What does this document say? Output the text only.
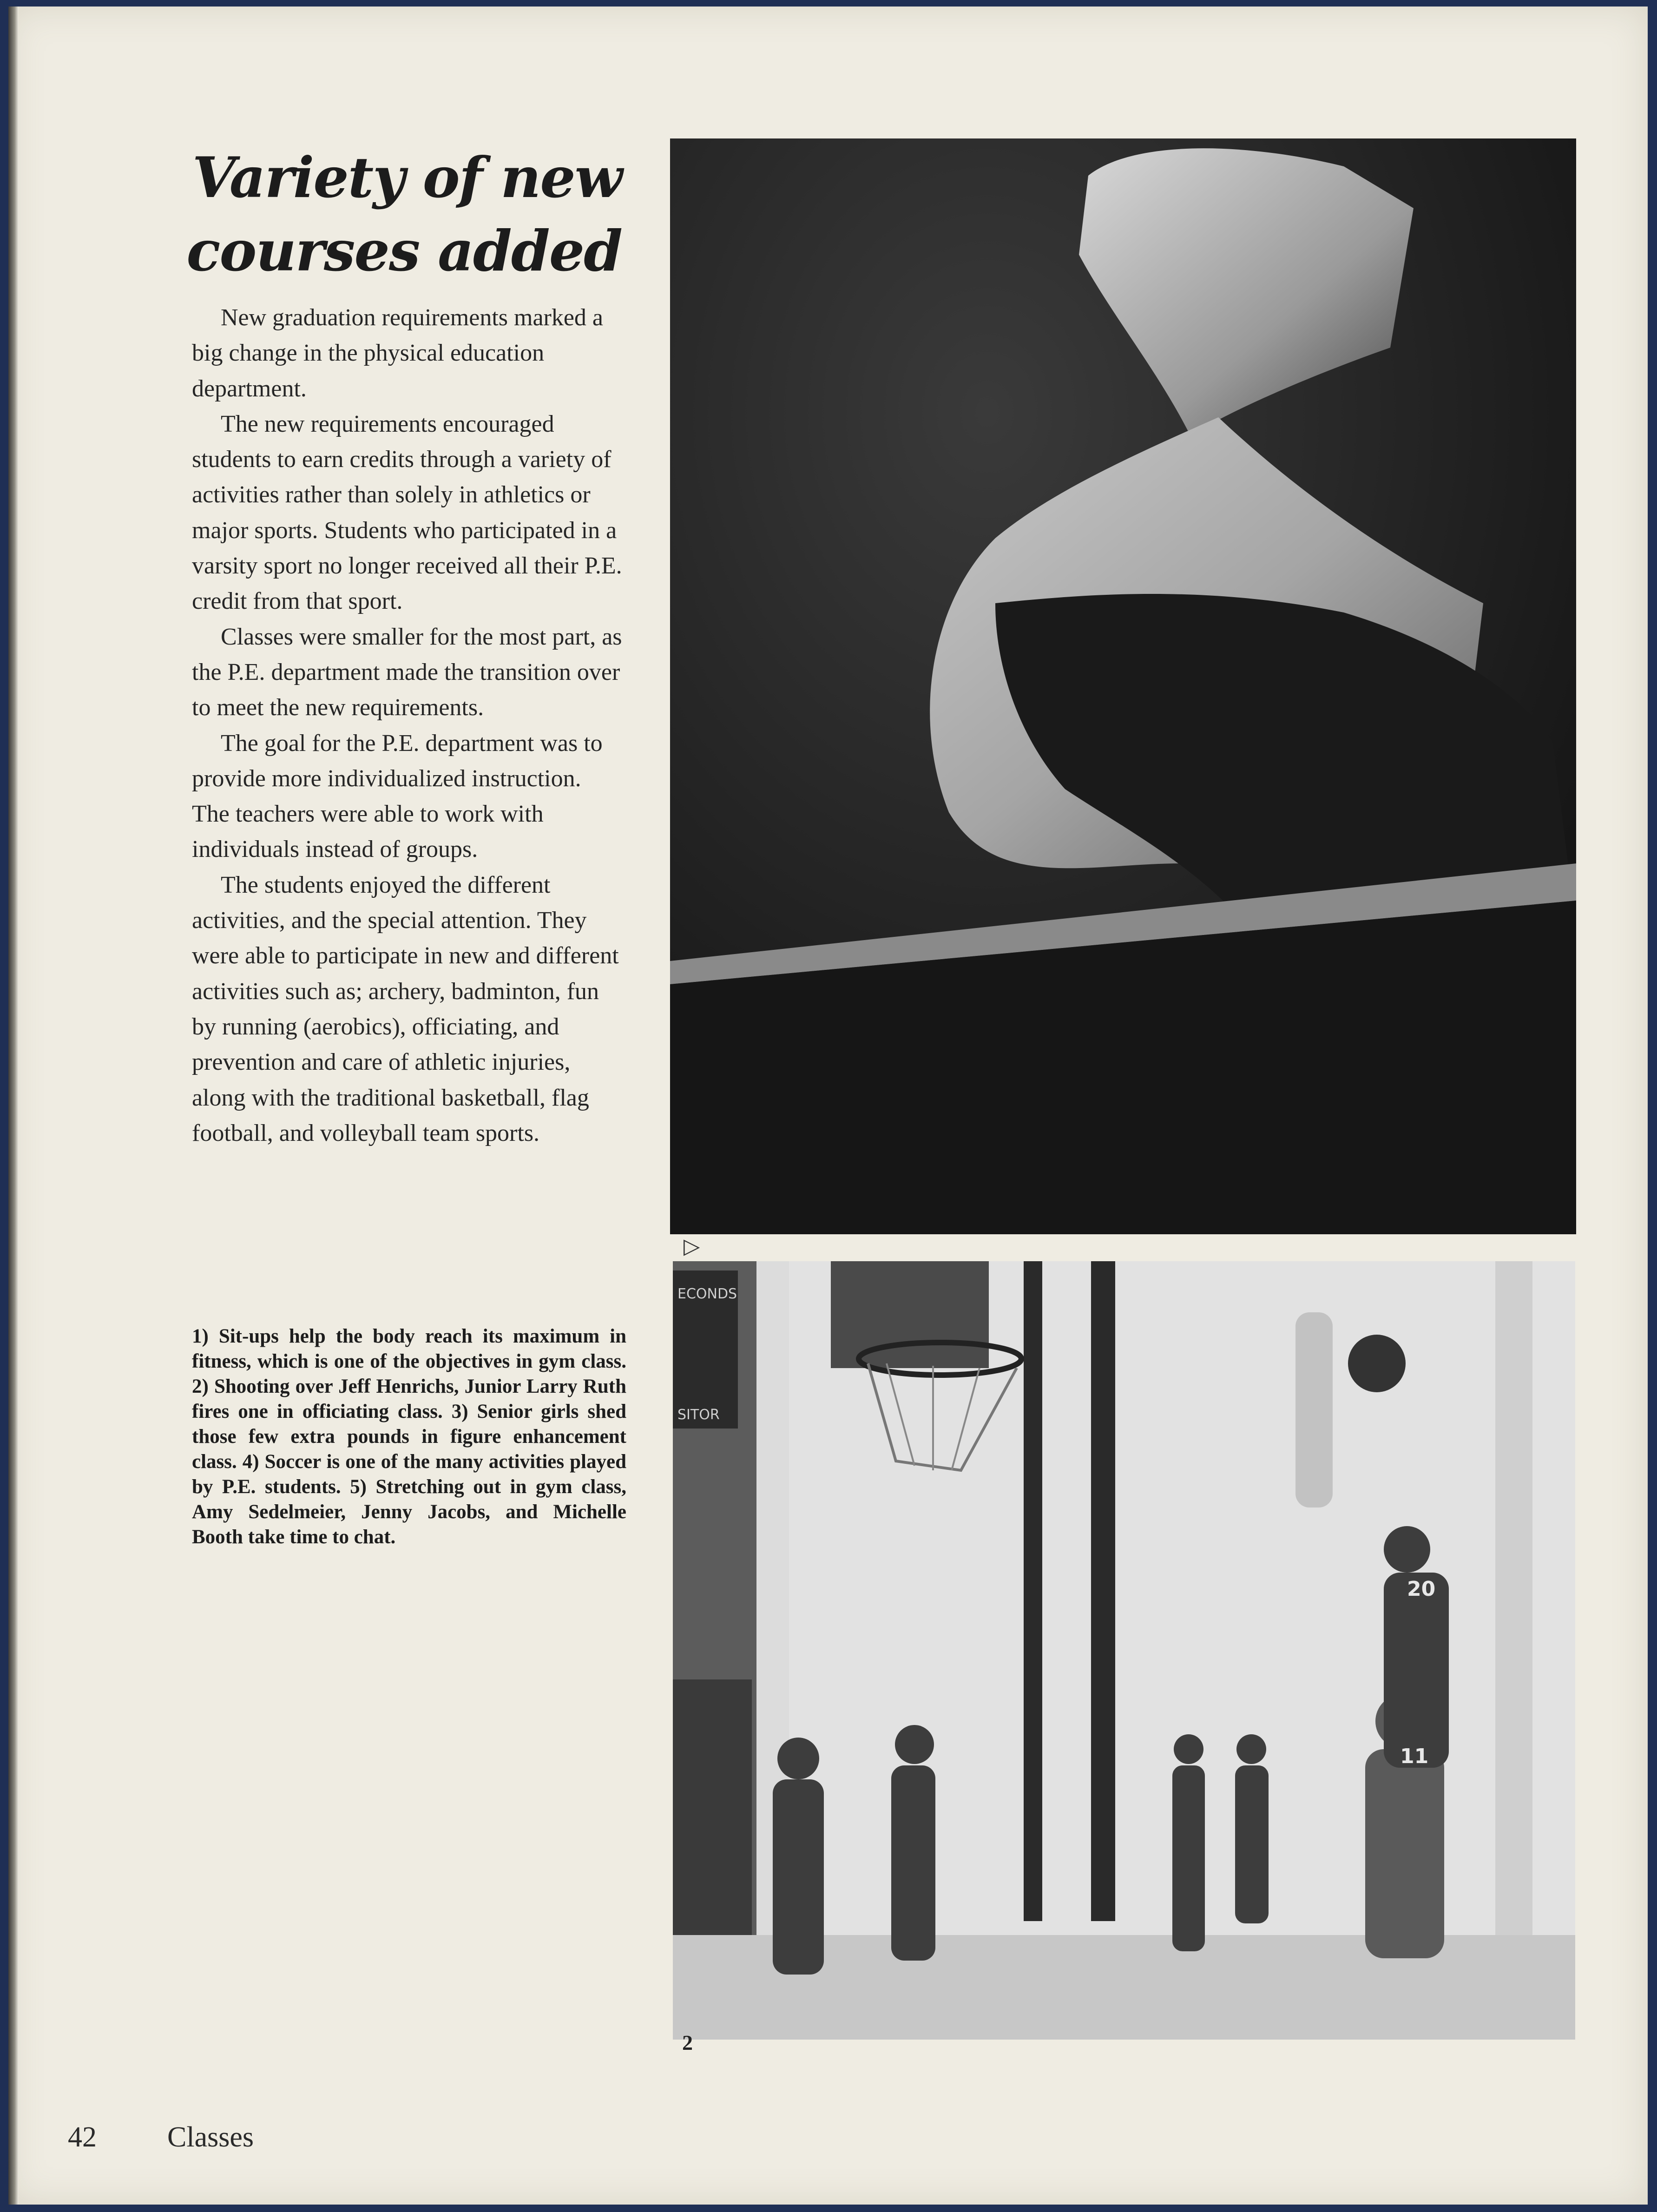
Variety of new
courses added

New graduation requirements marked a big change in the physical education department.

The new requirements encouraged students to earn credits through a variety of activities rather than solely in athletics or major sports. Students who participated in a varsity sport no longer received all their P.E. credit from that sport.

Classes were smaller for the most part, as the P.E. department made the transition over to meet the new requirements.

The goal for the P.E. department was to provide more individualized instruction. The teachers were able to work with individuals instead of groups.

The students enjoyed the different activities, and the special attention. They were able to participate in new and different activities such as; archery, badminton, fun by running (aerobics), officiating, and prevention and care of athletic injuries, along with the traditional basketball, flag football, and volleyball team sports.

1) Sit-ups help the body reach its maximum in fitness, which is one of the objectives in gym class. 2) Shooting over Jeff Henrichs, Junior Larry Ruth fires one in officiating class. 3) Senior girls shed those few extra pounds in figure enhancement class. 4) Soccer is one of the many activities played by P.E. students. 5) Stretching out in gym class, Amy Sedelmeier, Jenny Jacobs, and Michelle Booth take time to chat.
▷
ECONDS
SITOR
11
20
2
42 Classes
